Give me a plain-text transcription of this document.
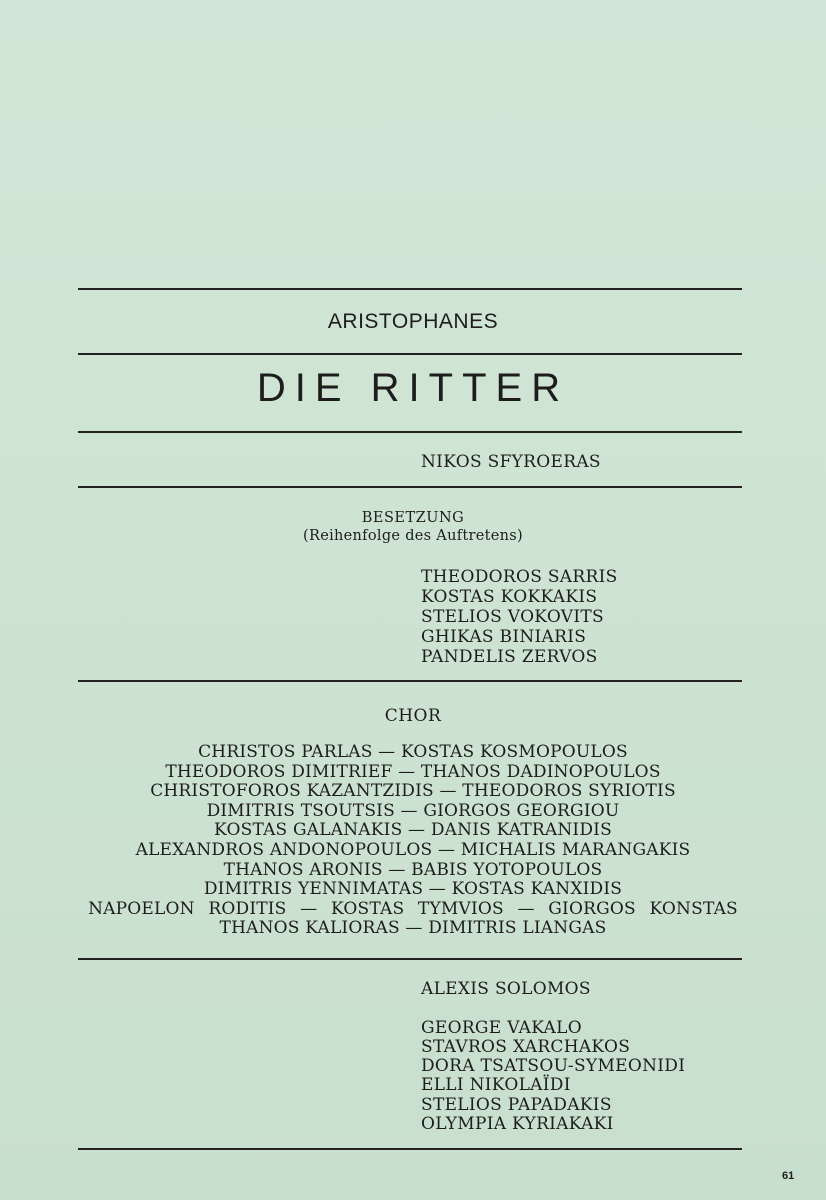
ARISTOPHANES
DIE RITTER
NIKOS SFYROERAS
BESETZUNG
(Reihenfolge des Auftretens)
THEODOROS SARRIS
KOSTAS KOKKAKIS
STELIOS VOKOVITS
GHIKAS BINIARIS
PANDELIS ZERVOS
CHOR
CHRISTOS PARLAS — KOSTAS KOSMOPOULOS
THEODOROS DIMITRIEF — THANOS DADINOPOULOS
CHRISTOFOROS KAZANTZIDIS — THEODOROS SYRIOTIS
DIMITRIS TSOUTSIS — GIORGOS GEORGIOU
KOSTAS GALANAKIS — DANIS KATRANIDIS
ALEXANDROS ANDONOPOULOS — MICHALIS MARANGAKIS
THANOS ARONIS — BABIS YOTOPOULOS
DIMITRIS YENNIMATAS — KOSTAS KANXIDIS
NAPOELON RODITIS — KOSTAS TYMVIOS — GIORGOS KONSTAS
THANOS KALIORAS — DIMITRIS LIANGAS
ALEXIS SOLOMOS
GEORGE VAKALO
STAVROS XARCHAKOS
DORA TSATSOU-SYMEONIDI
ELLI NIKOLAÏDI
STELIOS PAPADAKIS
OLYMPIA KYRIAKAKI
61
